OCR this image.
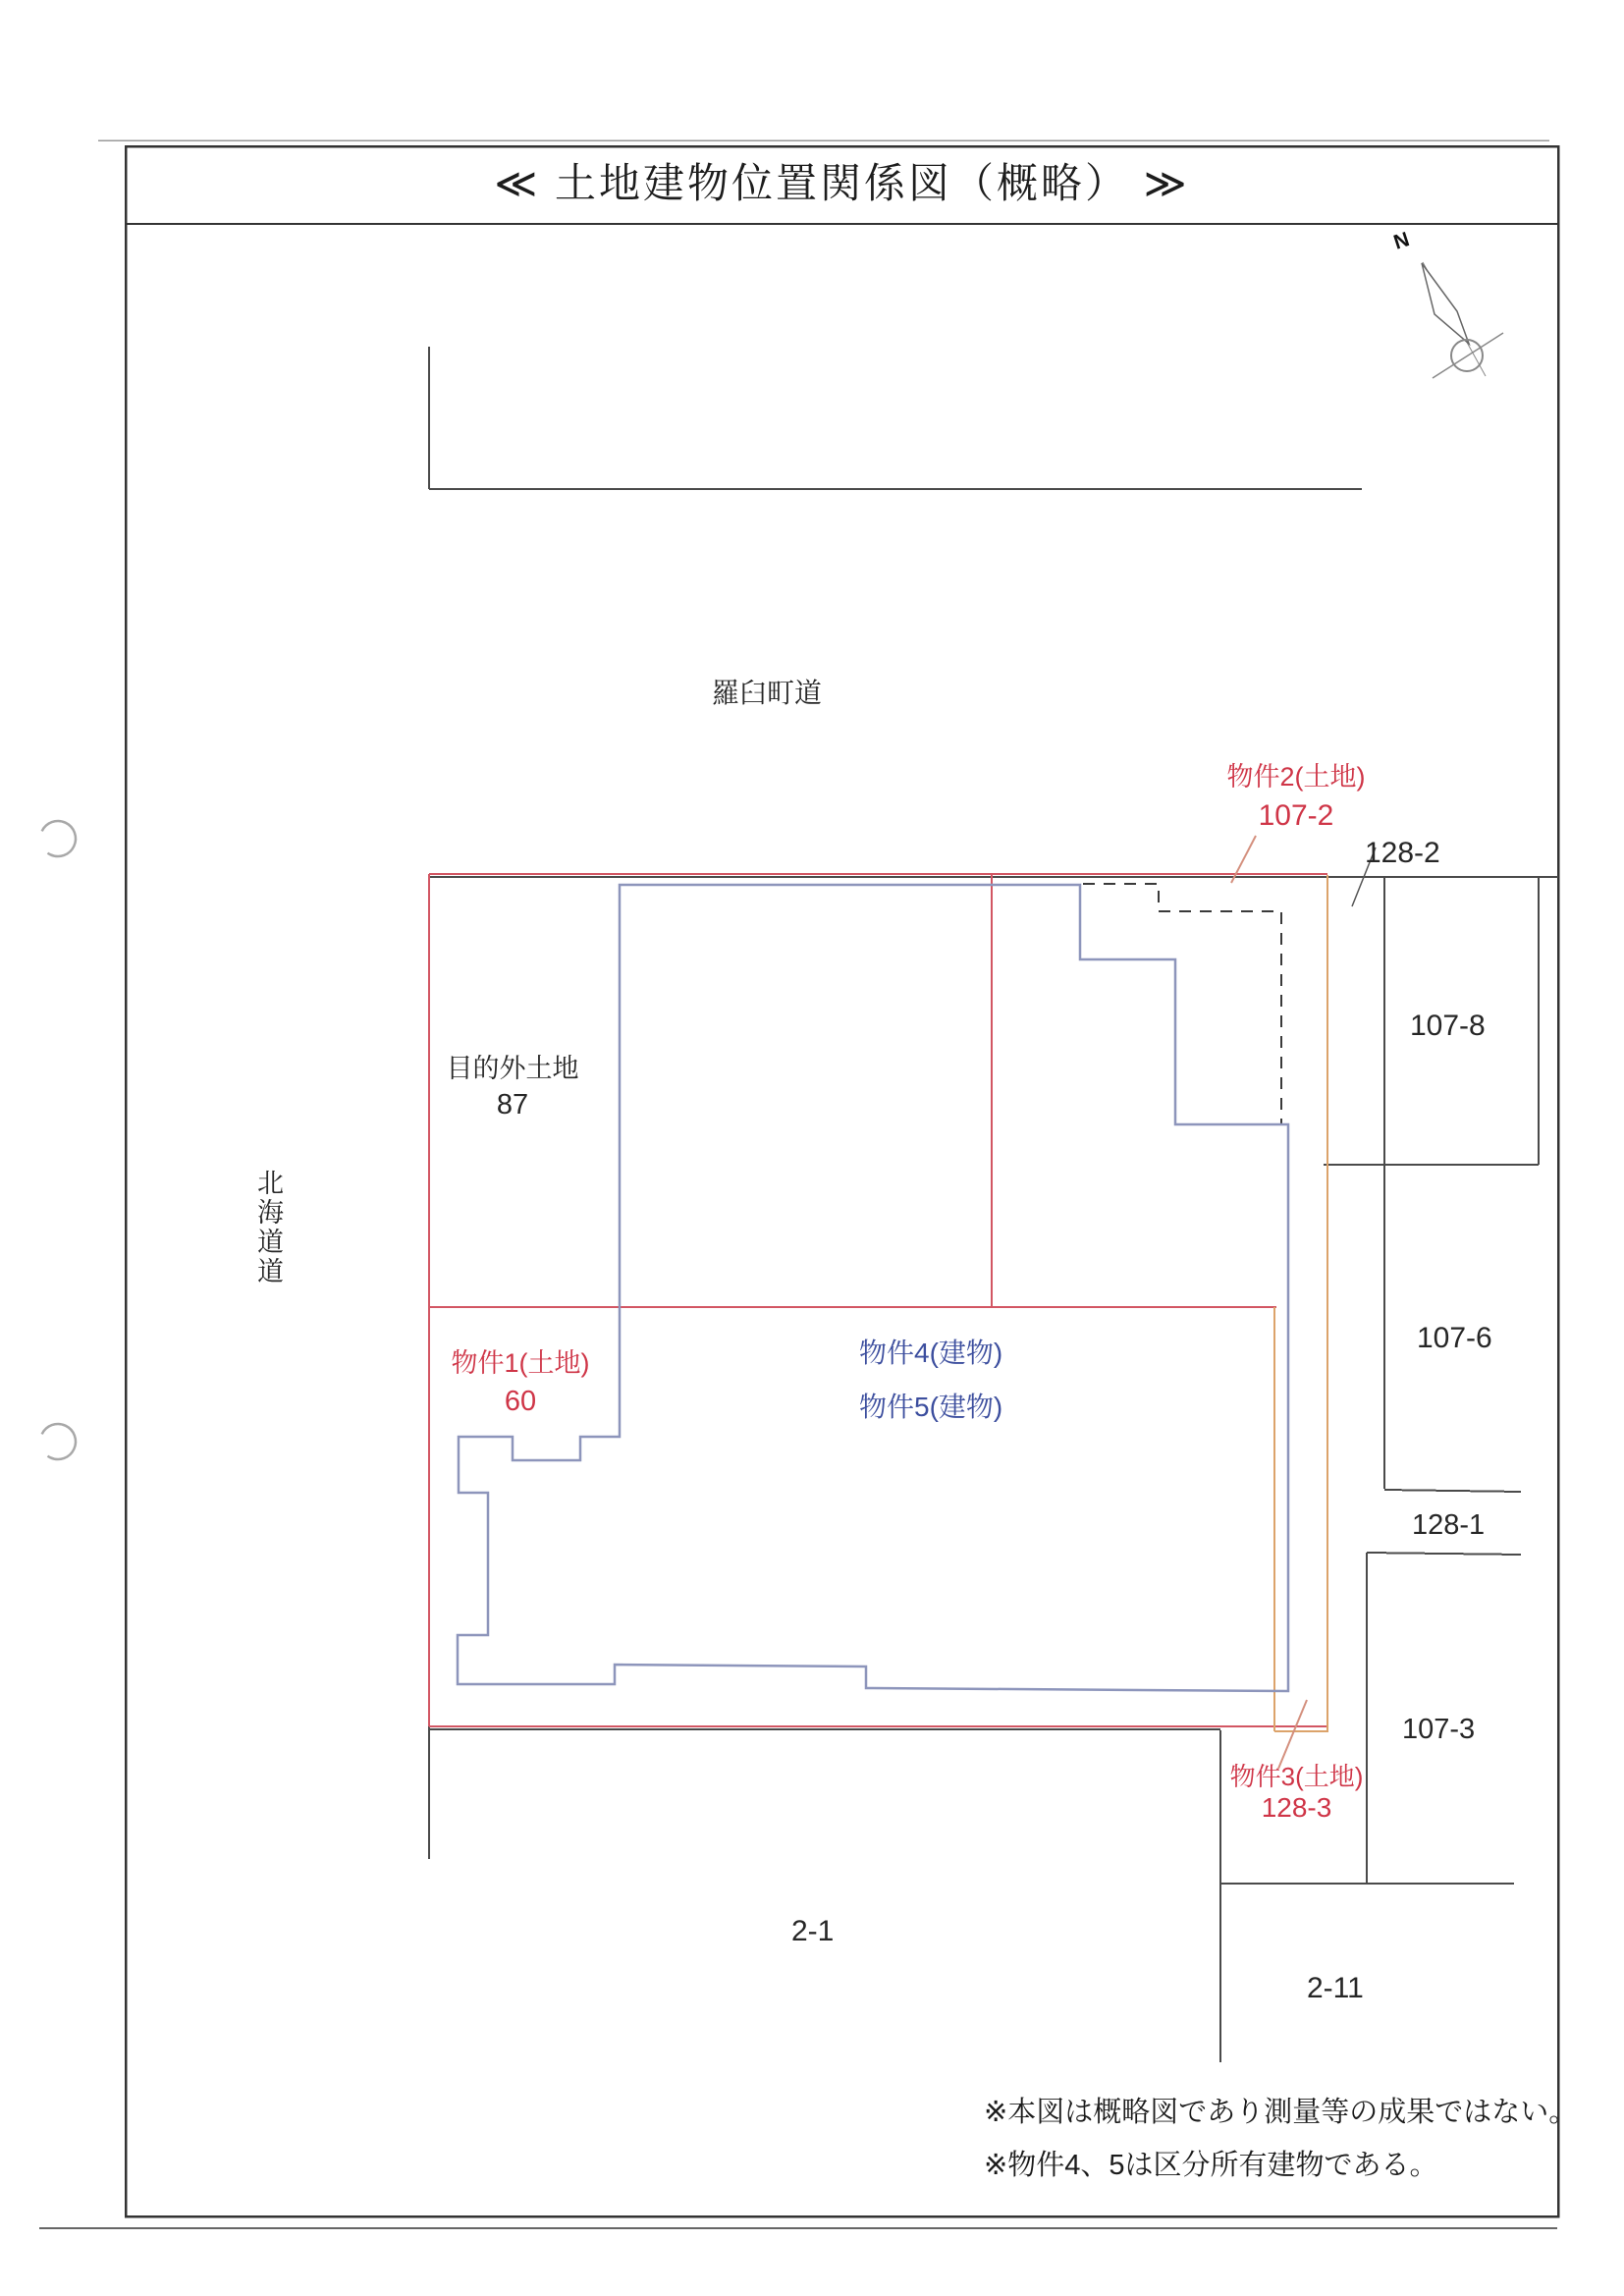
≪ 土地建物位置関係図（概略） ≫
N
羅臼町道
北海道道
物件2(土地)
107-2
128-2
目的外土地
87
物件1(土地)
60
物件4(建物)
物件5(建物)
107-8
107-6
128-1
107-3
物件3(土地)
128-3
2-1
2-11
※本図は概略図であり測量等の成果ではない。
※物件4、5は区分所有建物である。
